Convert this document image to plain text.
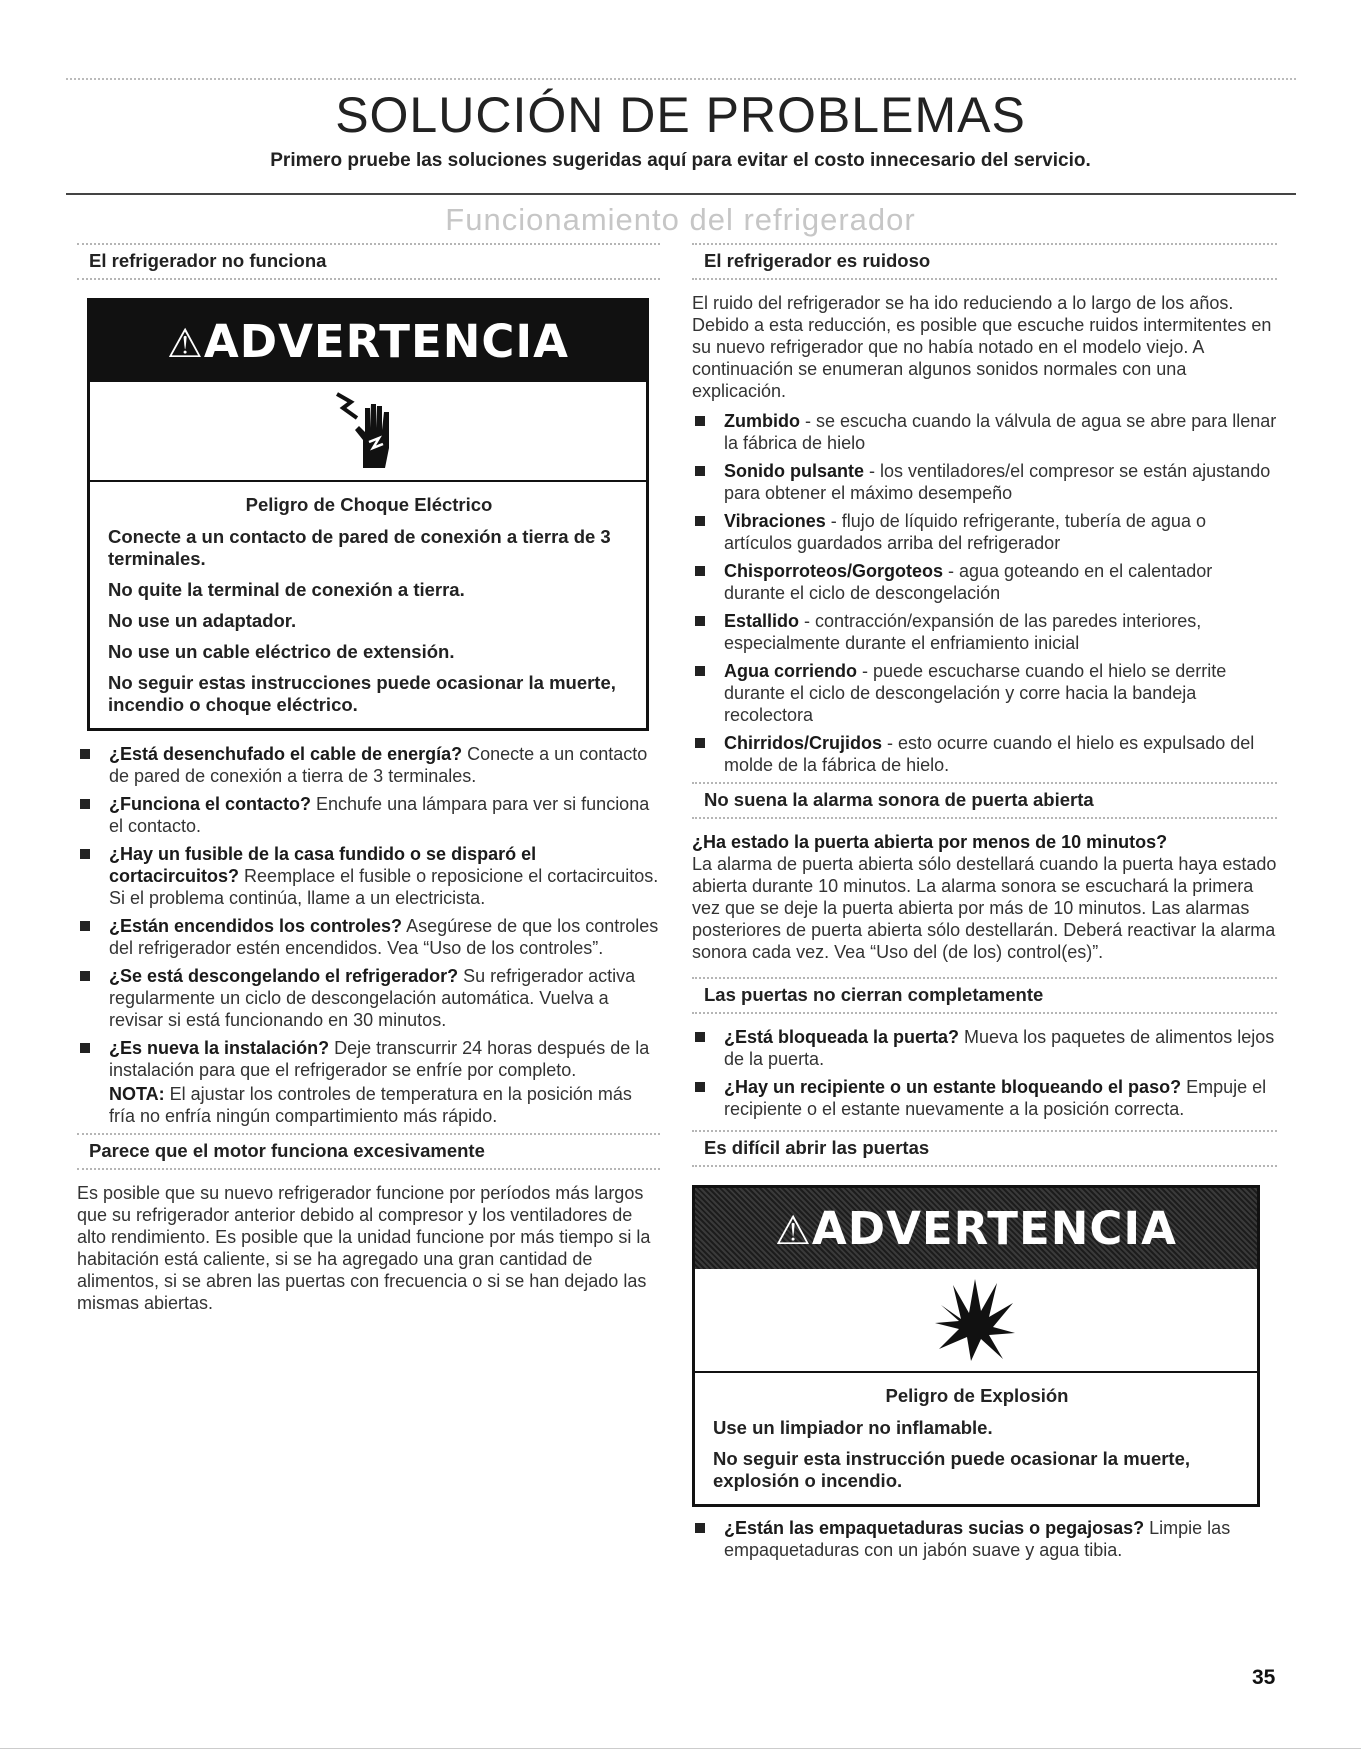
SOLUCIÓN DE PROBLEMAS
Primero pruebe las soluciones sugeridas aquí para evitar el costo innecesario del servicio.
Funcionamiento del refrigerador
El refrigerador no funciona
⚠ADVERTENCIA
Peligro de Choque Eléctrico
Conecte a un contacto de pared de conexión a tierra de 3 terminales.
No quite la terminal de conexión a tierra.
No use un adaptador.
No use un cable eléctrico de extensión.
No seguir estas instrucciones puede ocasionar la muerte, incendio o choque eléctrico.
¿Está desenchufado el cable de energía? Conecte a un contacto de pared de conexión a tierra de 3 terminales.
¿Funciona el contacto? Enchufe una lámpara para ver si funciona el contacto.
¿Hay un fusible de la casa fundido o se disparó el cortacircuitos? Reemplace el fusible o reposicione el cortacircuitos. Si el problema continúa, llame a un electricista.
¿Están encendidos los controles? Asegúrese de que los controles del refrigerador estén encendidos. Vea “Uso de los controles”.
¿Se está descongelando el refrigerador? Su refrigerador activa regularmente un ciclo de descongelación automática. Vuelva a revisar si está funcionando en 30 minutos.
¿Es nueva la instalación? Deje transcurrir 24 horas después de la instalación para que el refrigerador se enfríe por completo.
NOTA: El ajustar los controles de temperatura en la posición más fría no enfría ningún compartimiento más rápido.
Parece que el motor funciona excesivamente

Es posible que su nuevo refrigerador funcione por períodos más largos que su refrigerador anterior debido al compresor y los ventiladores de alto rendimiento. Es posible que la unidad funcione por más tiempo si la habitación está caliente, si se ha agregado una gran cantidad de alimentos, si se abren las puertas con frecuencia o si se han dejado las mismas abiertas.

El refrigerador es ruidoso

El ruido del refrigerador se ha ido reduciendo a lo largo de los años. Debido a esta reducción, es posible que escuche ruidos intermitentes en su nuevo refrigerador que no había notado en el modelo viejo. A continuación se enumeran algunos sonidos normales con una explicación.

Zumbido - se escucha cuando la válvula de agua se abre para llenar la fábrica de hielo
Sonido pulsante - los ventiladores/el compresor se están ajustando para obtener el máximo desempeño
Vibraciones - flujo de líquido refrigerante, tubería de agua o artículos guardados arriba del refrigerador
Chisporroteos/Gorgoteos - agua goteando en el calentador durante el ciclo de descongelación
Estallido - contracción/expansión de las paredes interiores, especialmente durante el enfriamiento inicial
Agua corriendo - puede escucharse cuando el hielo se derrite durante el ciclo de descongelación y corre hacia la bandeja recolectora
Chirridos/Crujidos - esto ocurre cuando el hielo es expulsado del molde de la fábrica de hielo.
No suena la alarma sonora de puerta abierta

¿Ha estado la puerta abierta por menos de 10 minutos?

La alarma de puerta abierta sólo destellará cuando la puerta haya estado abierta durante 10 minutos. La alarma sonora se escuchará la primera vez que se deje la puerta abierta por más de 10 minutos. Las alarmas posteriores de puerta abierta sólo destellarán. Deberá reactivar la alarma sonora cada vez. Vea “Uso del (de los) control(es)”.

Las puertas no cierran completamente
¿Está bloqueada la puerta? Mueva los paquetes de alimentos lejos de la puerta.
¿Hay un recipiente o un estante bloqueando el paso? Empuje el recipiente o el estante nuevamente a la posición correcta.
Es difícil abrir las puertas
⚠ADVERTENCIA
Peligro de Explosión
Use un limpiador no inflamable.
No seguir esta instrucción puede ocasionar la muerte, explosión o incendio.
¿Están las empaquetaduras sucias o pegajosas? Limpie las empaquetaduras con un jabón suave y agua tibia.
35
